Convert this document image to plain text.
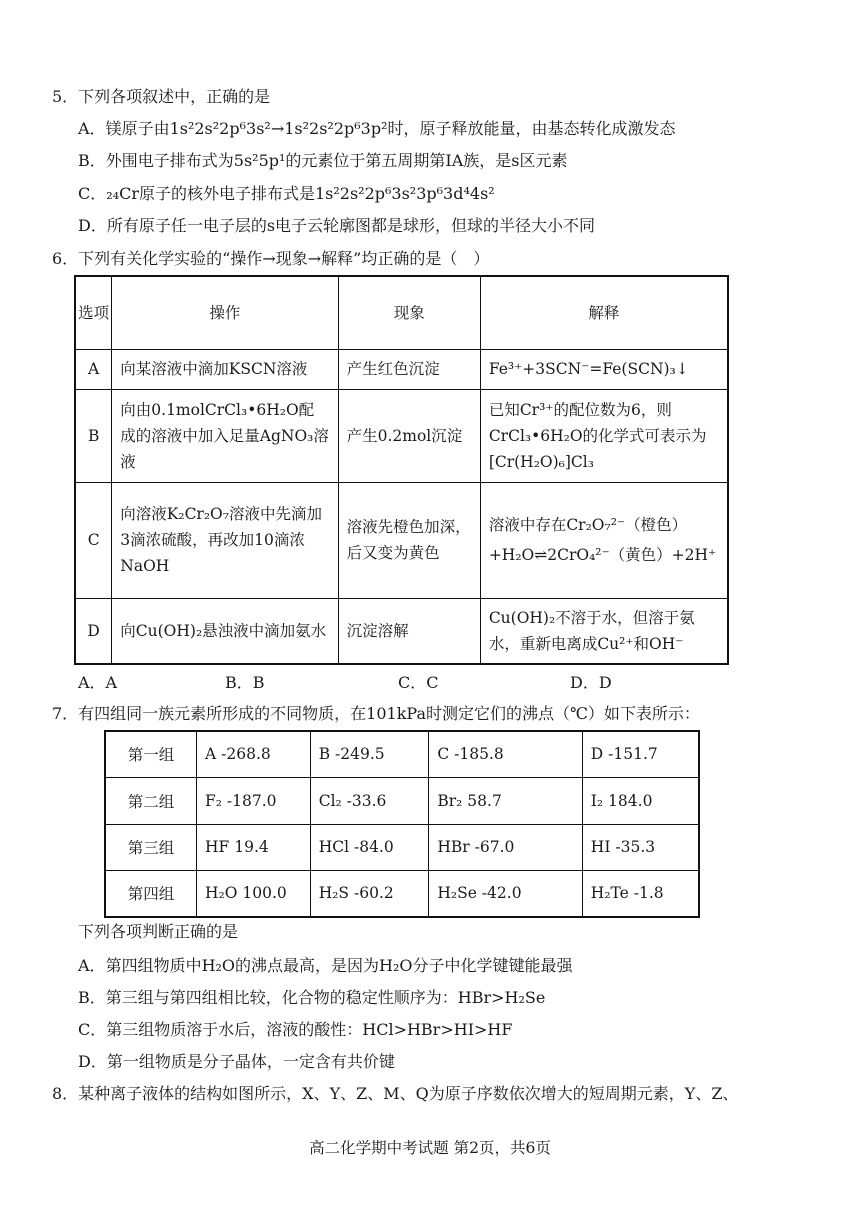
5．下列各项叙述中，正确的是
A．镁原子由1s²2s²2p⁶3s²→1s²2s²2p⁶3p²时，原子释放能量，由基态转化成激发态
B．外围电子排布式为5s²5p¹的元素位于第五周期第ⅠA族，是s区元素
C．₂₄Cr原子的核外电子排布式是1s²2s²2p⁶3s²3p⁶3d⁴4s²
D．所有原子任一电子层的s电子云轮廓图都是球形，但球的半径大小不同
6．下列有关化学实验的“操作→现象→解释”均正确的是（　）
选项	操作	现象	解释
A	向某溶液中滴加KSCN溶液	产生红色沉淀	Fe³⁺+3SCN⁻=Fe(SCN)₃↓
B	向由0.1molCrCl₃•6H₂O配成的溶液中加入足量AgNO₃溶液	产生0.2mol沉淀	已知Cr³⁺的配位数为6，则CrCl₃•6H₂O的化学式可表示为[Cr(H₂O)₆]Cl₃
C	向溶液K₂Cr₂O₇溶液中先滴加3滴浓硫酸，再改加10滴浓NaOH	溶液先橙色加深，后又变为黄色	溶液中存在Cr₂O₇²⁻（橙色）+H₂O⇌2CrO₄²⁻（黄色）+2H⁺
D	向Cu(OH)₂悬浊液中滴加氨水	沉淀溶解	Cu(OH)₂不溶于水，但溶于氨水，重新电离成Cu²⁺和OH⁻
A．A	B．B	C．C	D．D
7．有四组同一族元素所形成的不同物质，在101kPa时测定它们的沸点（℃）如下表所示：
第一组	A -268.8	B -249.5	C -185.8	D -151.7
第二组	F₂ -187.0	Cl₂ -33.6	Br₂ 58.7	I₂ 184.0
第三组	HF 19.4	HCl -84.0	HBr -67.0	HI -35.3
第四组	H₂O 100.0	H₂S -60.2	H₂Se -42.0	H₂Te -1.8
下列各项判断正确的是
A．第四组物质中H₂O的沸点最高，是因为H₂O分子中化学键键能最强
B．第三组与第四组相比较，化合物的稳定性顺序为：HBr>H₂Se
C．第三组物质溶于水后，溶液的酸性：HCl>HBr>HI>HF
D．第一组物质是分子晶体，一定含有共价键
8．某种离子液体的结构如图所示，X、Y、Z、M、Q为原子序数依次增大的短周期元素，Y、Z、
高二化学期中考试题 第2页，共6页
